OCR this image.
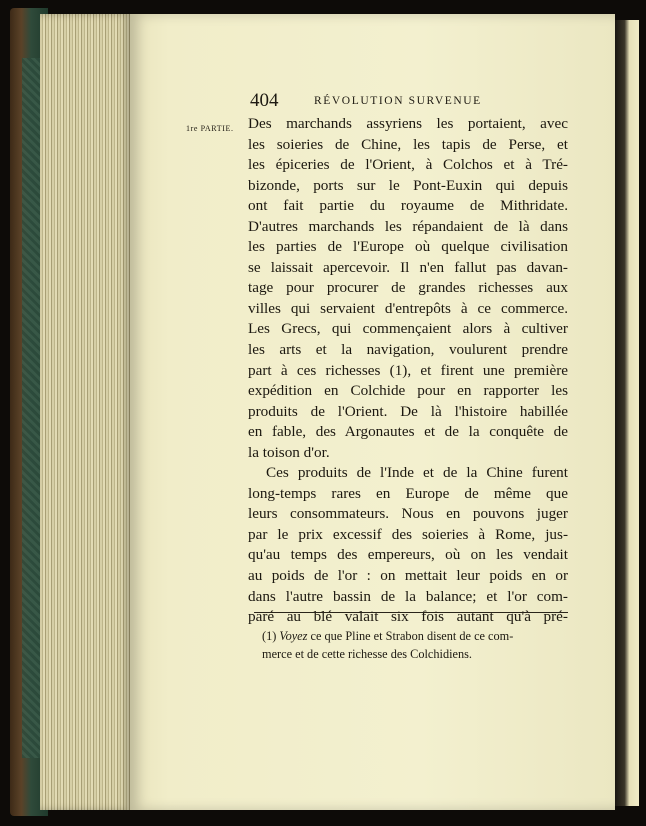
404	RÉVOLUTION SURVENUE
1re PARTIE. Des marchands assyriens les portaient, avec
les soieries de Chine, les tapis de Perse, et
les épiceries de l'Orient, à Colchos et à Tré-
bizonde, ports sur le Pont-Euxin qui depuis
ont fait partie du royaume de Mithridate.
D'autres marchands les répandaient de là dans
les parties de l'Europe où quelque civilisation
se laissait apercevoir. Il n'en fallut pas davan-
tage pour procurer de grandes richesses aux
villes qui servaient d'entrepôts à ce commerce.
Les Grecs, qui commençaient alors à cultiver
les arts et la navigation, voulurent prendre
part à ces richesses (1), et firent une première
expédition en Colchide pour en rapporter les
produits de l'Orient. De là l'histoire habillée
en fable, des Argonautes et de la conquête de
la toison d'or.
Ces produits de l'Inde et de la Chine furent
long-temps rares en Europe de même que
leurs consommateurs. Nous en pouvons juger
par le prix excessif des soieries à Rome, jus-
qu'au temps des empereurs, où on les vendait
au poids de l'or : on mettait leur poids en or
dans l'autre bassin de la balance; et l'or com-
paré au blé valait six fois autant qu'à pré-
(1) Voyez ce que Pline et Strabon disent de ce com-
merce et de cette richesse des Colchidiens.
